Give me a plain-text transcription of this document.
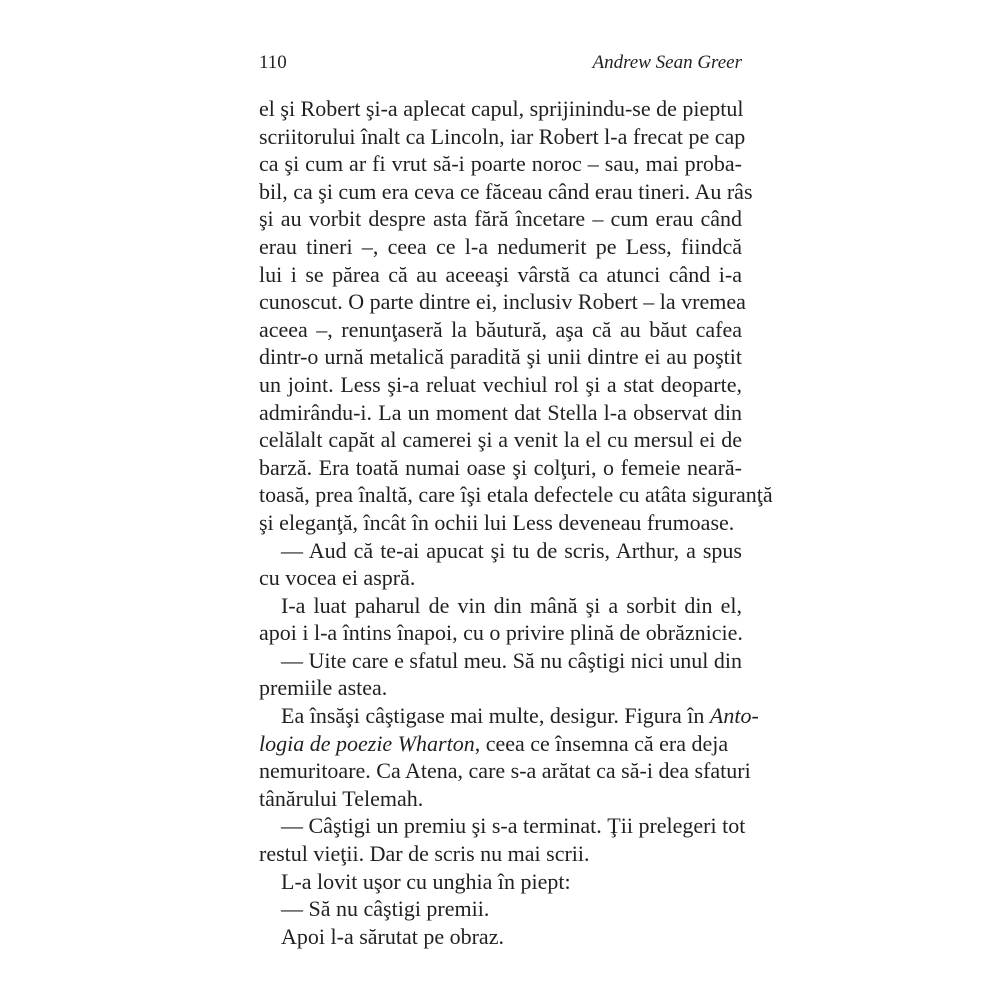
110	Andrew Sean Greer
el şi Robert şi-a aplecat capul, sprijinindu-se de pieptul
scriitorului înalt ca Lincoln, iar Robert l-a frecat pe cap
ca şi cum ar fi vrut să-i poarte noroc – sau, mai proba-
bil, ca şi cum era ceva ce făceau când erau tineri. Au râs
şi au vorbit despre asta fără încetare – cum erau când
erau tineri –, ceea ce l-a nedumerit pe Less, fiindcă
lui i se părea că au aceeaşi vârstă ca atunci când i-a
cunoscut. O parte dintre ei, inclusiv Robert – la vremea
aceea –, renunţaseră la băutură, aşa că au băut cafea
dintr-o urnă metalică paradită şi unii dintre ei au poştit
un joint. Less şi-a reluat vechiul rol şi a stat deoparte,
admirându-i. La un moment dat Stella l-a observat din
celălalt capăt al camerei şi a venit la el cu mersul ei de
barză. Era toată numai oase şi colţuri, o femeie neară-
toasă, prea înaltă, care îşi etala defectele cu atâta siguranţă
şi eleganţă, încât în ochii lui Less deveneau frumoase.
— Aud că te-ai apucat şi tu de scris, Arthur, a spus
cu vocea ei aspră.
I-a luat paharul de vin din mână şi a sorbit din el,
apoi i l-a întins înapoi, cu o privire plină de obrăznicie.
— Uite care e sfatul meu. Să nu câştigi nici unul din
premiile astea.
Ea însăşi câştigase mai multe, desigur. Figura în Anto-
logia de poezie Wharton, ceea ce însemna că era deja
nemuritoare. Ca Atena, care s-a arătat ca să-i dea sfaturi
tânărului Telemah.
— Câştigi un premiu şi s-a terminat. Ţii prelegeri tot
restul vieţii. Dar de scris nu mai scrii.
L-a lovit uşor cu unghia în piept:
— Să nu câştigi premii.
Apoi l-a sărutat pe obraz.
